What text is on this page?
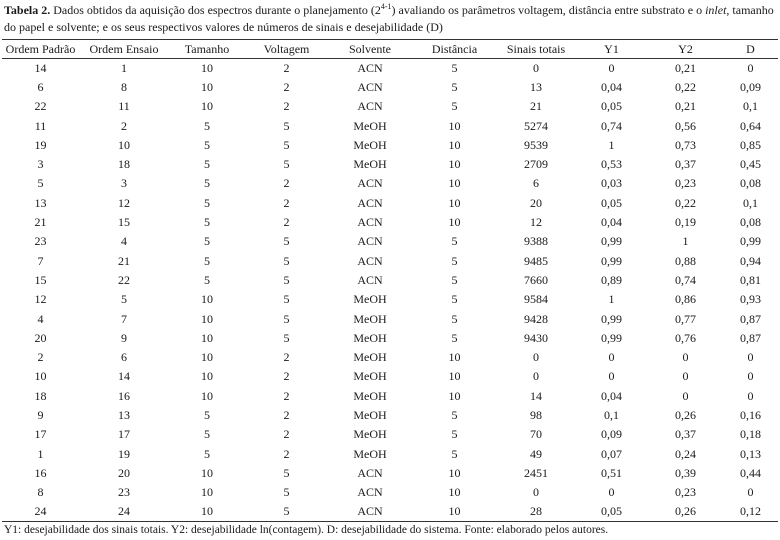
Tabela 2. Dados obtidos da aquisição dos espectros durante o planejamento (2$^{4-1}$) avaliando os parâmetros voltagem, distância entre substrato e o inlet, tamanho do papel e solvente; e os seus respectivos valores de números de sinais e desejabilidade (D)
Ordem Padrão	Ordem Ensaio	Tamanho	Voltagem	Solvente	Distância	Sinais totais	Y1	Y2	D
14	1	10	2	ACN	5	0	0	0,21	0
6	8	10	2	ACN	5	13	0,04	0,22	0,09
22	11	10	2	ACN	5	21	0,05	0,21	0,1
11	2	5	5	MeOH	10	5274	0,74	0,56	0,64
19	10	5	5	MeOH	10	9539	1	0,73	0,85
3	18	5	5	MeOH	10	2709	0,53	0,37	0,45
5	3	5	2	ACN	10	6	0,03	0,23	0,08
13	12	5	2	ACN	10	20	0,05	0,22	0,1
21	15	5	2	ACN	10	12	0,04	0,19	0,08
23	4	5	5	ACN	5	9388	0,99	1	0,99
7	21	5	5	ACN	5	9485	0,99	0,88	0,94
15	22	5	5	ACN	5	7660	0,89	0,74	0,81
12	5	10	5	MeOH	5	9584	1	0,86	0,93
4	7	10	5	MeOH	5	9428	0,99	0,77	0,87
20	9	10	5	MeOH	5	9430	0,99	0,76	0,87
2	6	10	2	MeOH	10	0	0	0	0
10	14	10	2	MeOH	10	0	0	0	0
18	16	10	2	MeOH	10	14	0,04	0	0
9	13	5	2	MeOH	5	98	0,1	0,26	0,16
17	17	5	2	MeOH	5	70	0,09	0,37	0,18
1	19	5	2	MeOH	5	49	0,07	0,24	0,13
16	20	10	5	ACN	10	2451	0,51	0,39	0,44
8	23	10	5	ACN	10	0	0	0,23	0
24	24	10	5	ACN	10	28	0,05	0,26	0,12
Y1: desejabilidade dos sinais totais. Y2: desejabilidade ln(contagem). D: desejabilidade do sistema. Fonte: elaborado pelos autores.
